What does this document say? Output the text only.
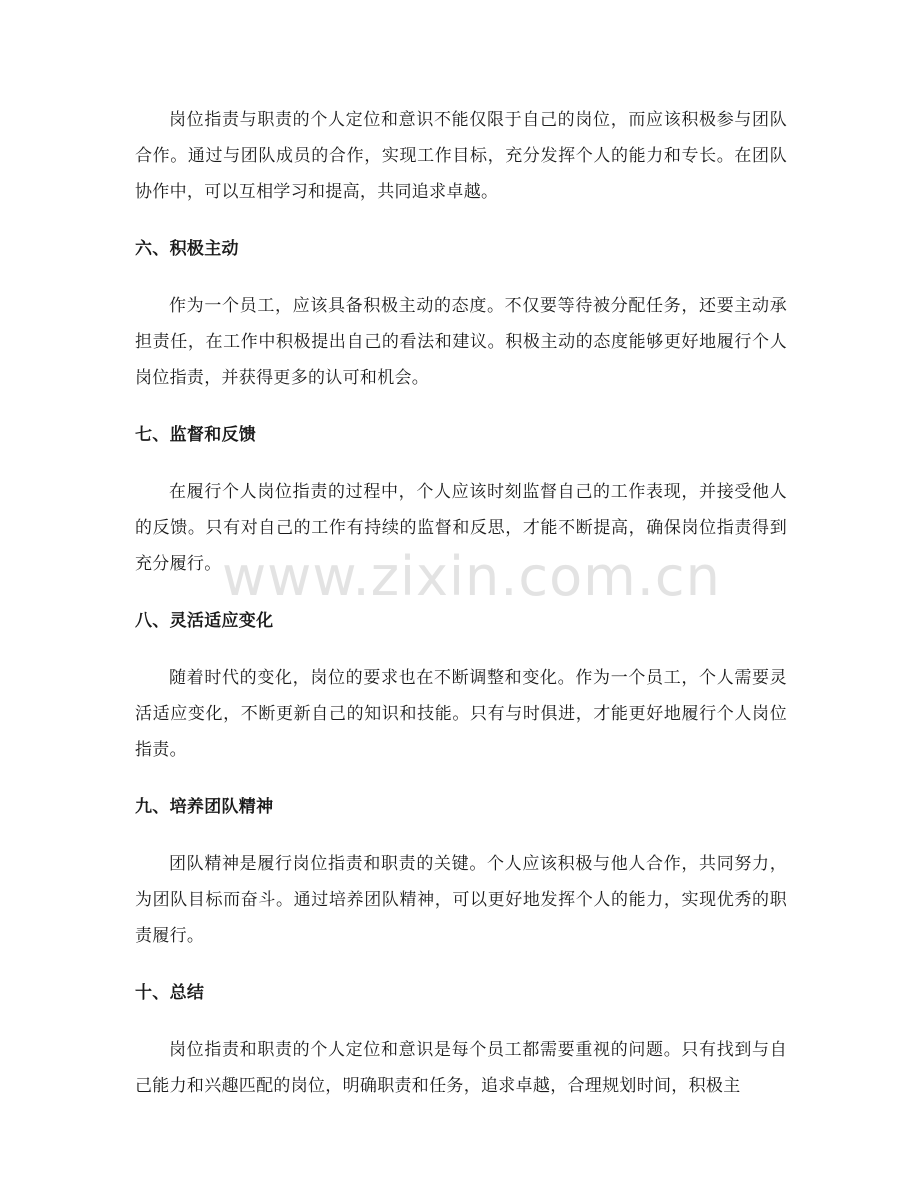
岗位指责与职责的个人定位和意识不能仅限于自己的岗位，而应该积极参与团队合作。通过与团队成员的合作，实现工作目标，充分发挥个人的能力和专长。在团队协作中，可以互相学习和提高，共同追求卓越。

六、积极主动

作为一个员工，应该具备积极主动的态度。不仅要等待被分配任务，还要主动承担责任，在工作中积极提出自己的看法和建议。积极主动的态度能够更好地履行个人岗位指责，并获得更多的认可和机会。

七、监督和反馈

在履行个人岗位指责的过程中，个人应该时刻监督自己的工作表现，并接受他人的反馈。只有对自己的工作有持续的监督和反思，才能不断提高，确保岗位指责得到充分履行。

八、灵活适应变化

随着时代的变化，岗位的要求也在不断调整和变化。作为一个员工，个人需要灵活适应变化，不断更新自己的知识和技能。只有与时俱进，才能更好地履行个人岗位指责。

九、培养团队精神

团队精神是履行岗位指责和职责的关键。个人应该积极与他人合作，共同努力，为团队目标而奋斗。通过培养团队精神，可以更好地发挥个人的能力，实现优秀的职责履行。

十、总结

岗位指责和职责的个人定位和意识是每个员工都需要重视的问题。只有找到与自己能力和兴趣匹配的岗位，明确职责和任务，追求卓越，合理规划时间，积极主

www.zixin.com.cn
